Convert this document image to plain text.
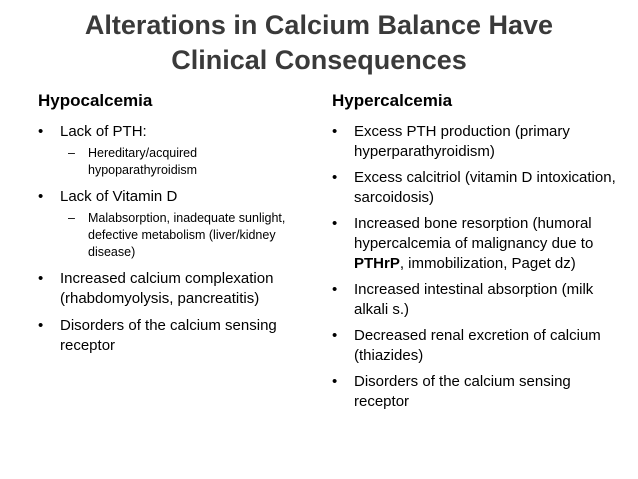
Alterations in Calcium Balance Have
Clinical Consequences
Hypocalcemia
•	Lack of PTH:
– Hereditary/acquired hypoparathyroidism
•	Lack of Vitamin D
– Malabsorption, inadequate sunlight, defective metabolism (liver/kidney disease)
•	Increased calcium complexation (rhabdomyolysis, pancreatitis)
•	Disorders of the calcium sensing receptor
Hypercalcemia
•	Excess PTH production (primary hyperparathyroidism)
•	Excess calcitriol (vitamin D intoxication, sarcoidosis)
•	Increased bone resorption (humoral hypercalcemia of malignancy due to PTHrP, immobilization, Paget dz)
•	Increased intestinal absorption (milk alkali s.)
•	Decreased renal excretion of calcium (thiazides)
•	Disorders of the calcium sensing receptor
